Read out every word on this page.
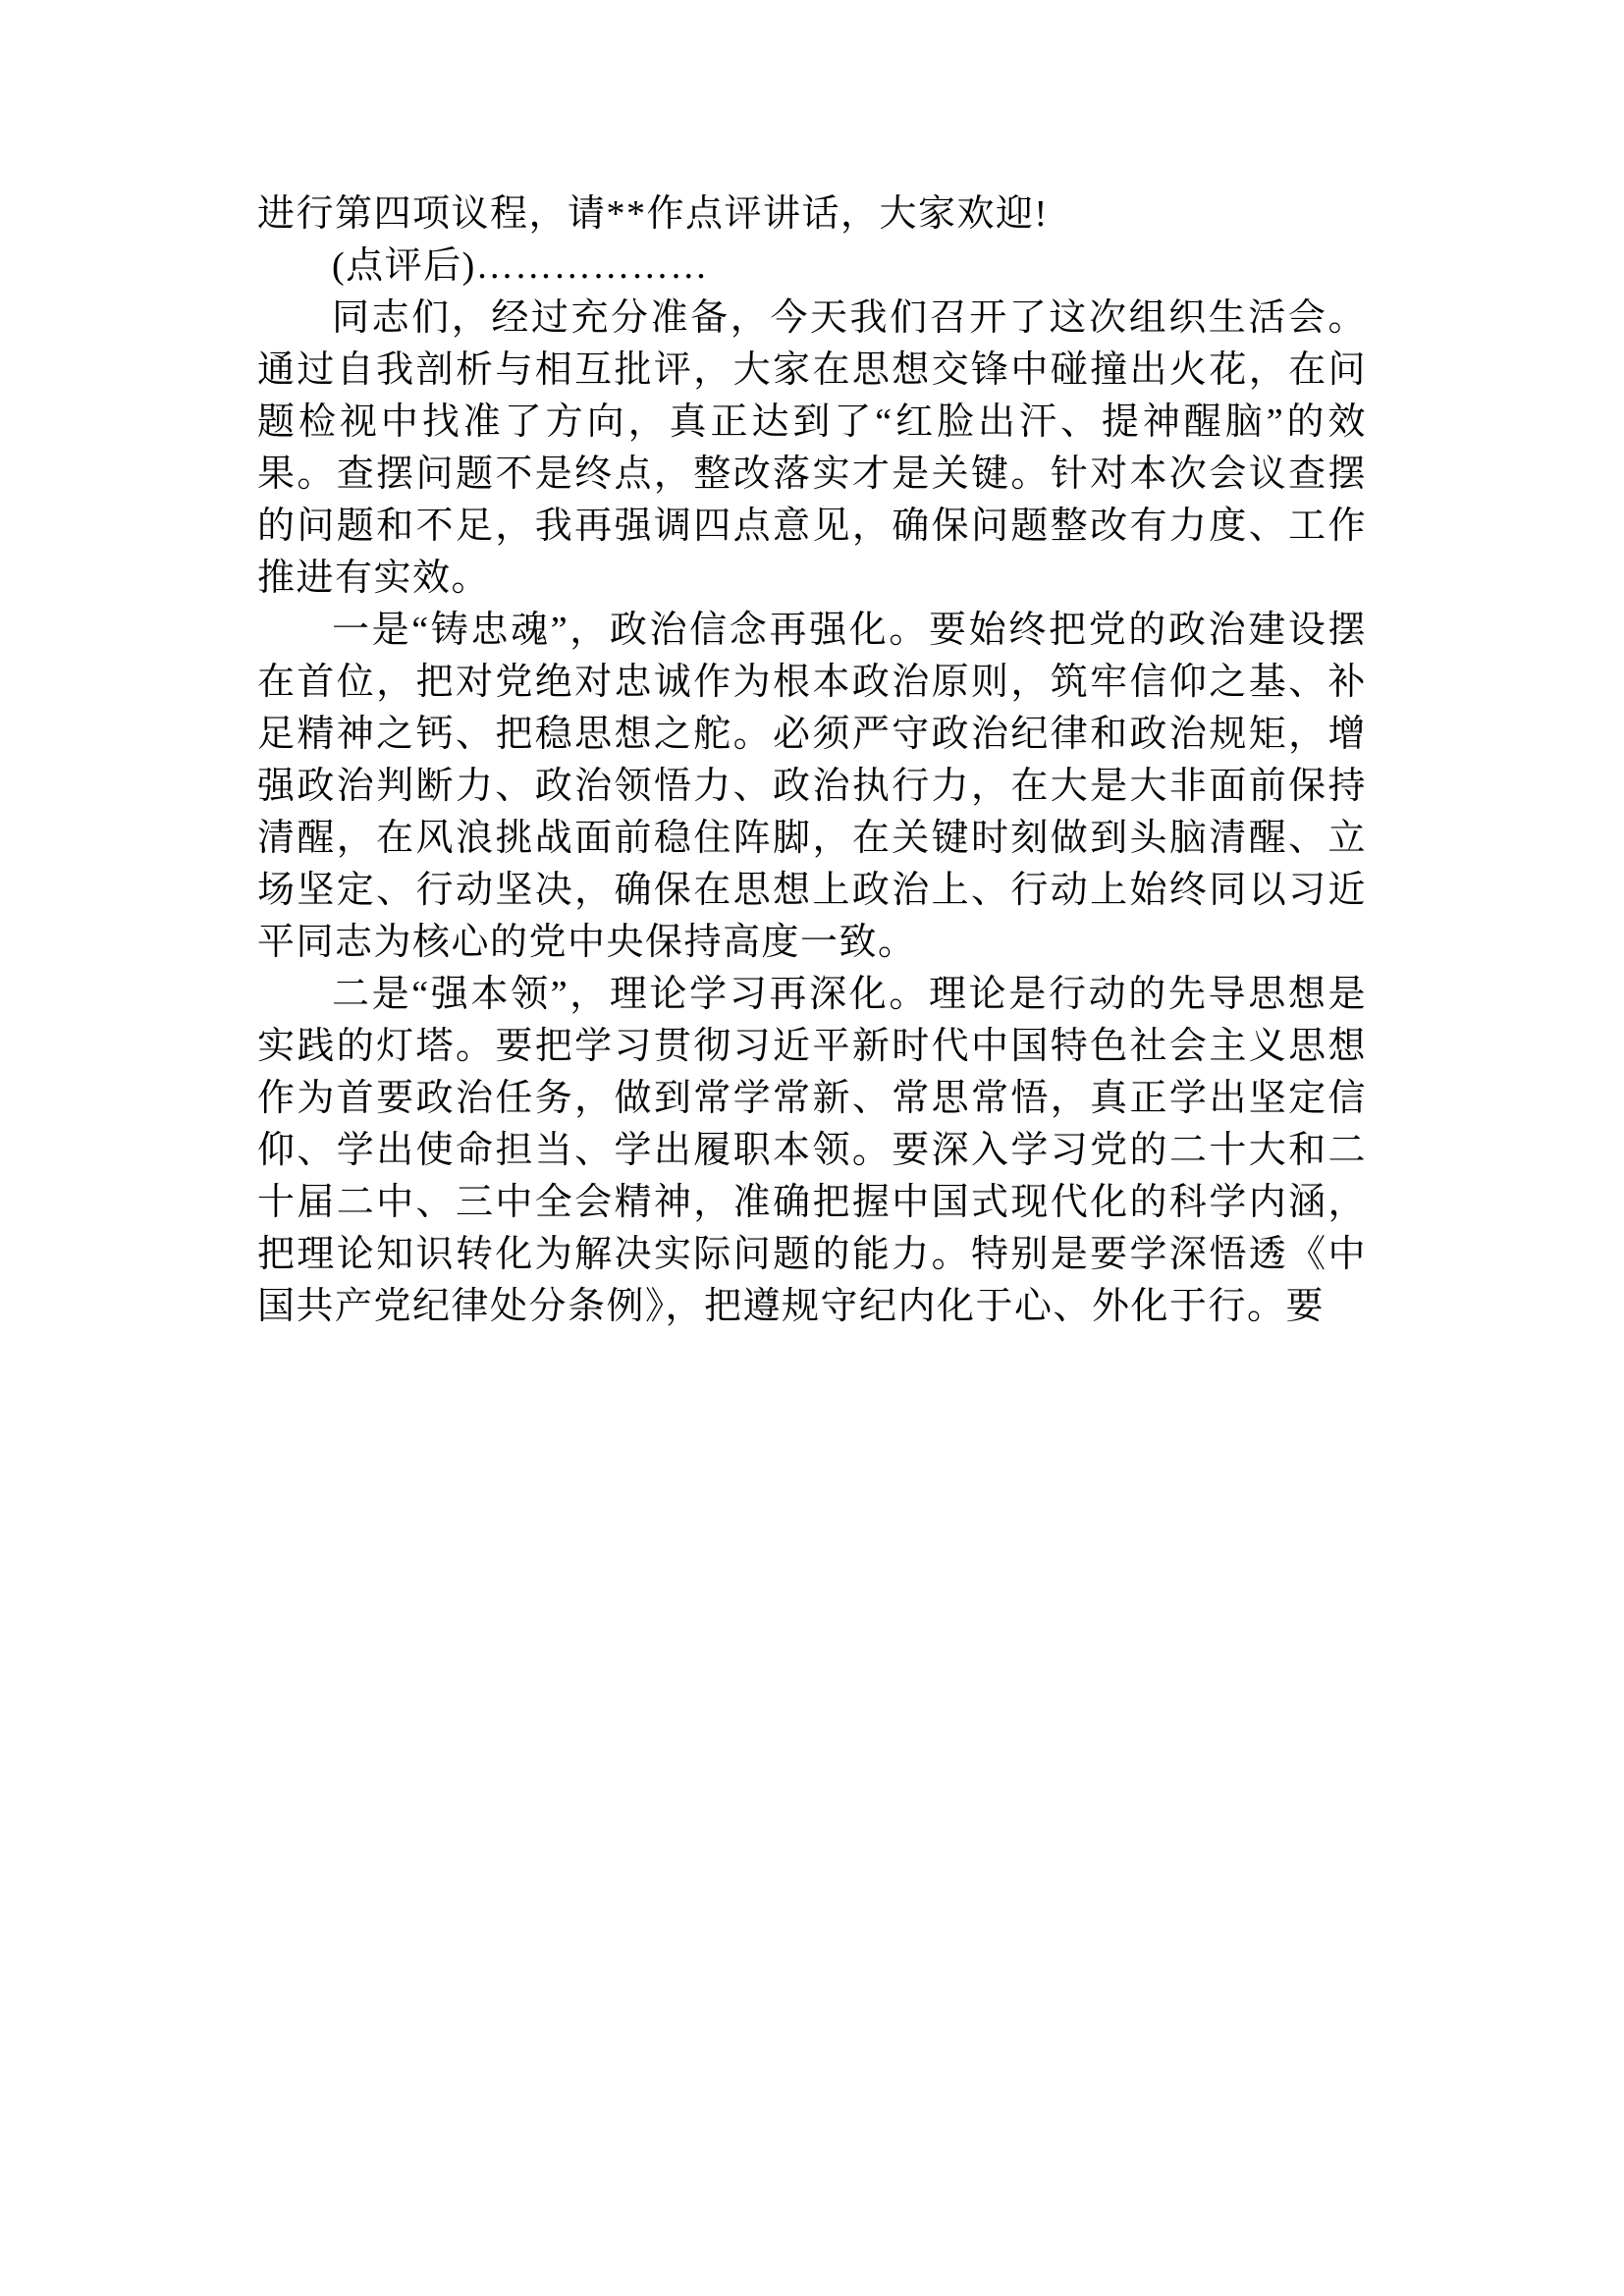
进行第四项议程，请**作点评讲话，大家欢迎!

(点评后)………………

同志们，经过充分准备，今天我们召开了这次组织生活会。通过自我剖析与相互批评，大家在思想交锋中碰撞出火花，在问题检视中找准了方向，真正达到了“红脸出汗、提神醒脑”的效果。查摆问题不是终点，整改落实才是关键。针对本次会议查摆的问题和不足，我再强调四点意见，确保问题整改有力度、工作推进有实效。

一是“铸忠魂”，政治信念再强化。要始终把党的政治建设摆在首位，把对党绝对忠诚作为根本政治原则，筑牢信仰之基、补足精神之钙、把稳思想之舵。必须严守政治纪律和政治规矩，增强政治判断力、政治领悟力、政治执行力，在大是大非面前保持清醒，在风浪挑战面前稳住阵脚，在关键时刻做到头脑清醒、立场坚定、行动坚决，确保在思想上政治上、行动上始终同以习近平同志为核心的党中央保持高度一致。

二是“强本领”，理论学习再深化。理论是行动的先导思想是实践的灯塔。要把学习贯彻习近平新时代中国特色社会主义思想作为首要政治任务，做到常学常新、常思常悟，真正学出坚定信仰、学出使命担当、学出履职本领。要深入学习党的二十大和二十届二中、三中全会精神，准确把握中国式现代化的科学内涵，把理论知识转化为解决实际问题的能力。特别是要学深悟透《中国共产党纪律处分条例》，把遵规守纪内化于心、外化于行。要
